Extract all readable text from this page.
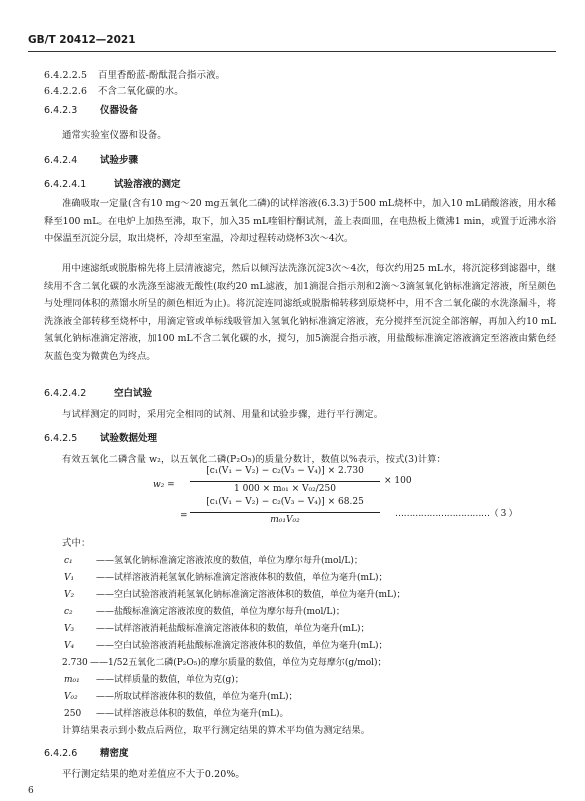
GB/T 20412—2021
6.4.2.2.5 百里香酚蓝-酚酞混合指示液。
6.4.2.2.6 不含二氧化碳的水。
6.4.2.3 仪器设备
通常实验室仪器和设备。
6.4.2.4 试验步骤
6.4.2.4.1	试验溶液的测定
准确吸取一定量(含有10 mg～20 mg五氧化二磷)的试样溶液(6.3.3)于500 mL烧杯中，加入10 mL硝酸溶液，用水稀释至100 mL。在电炉上加热至沸，取下，加入35 mL喹钼柠酮试剂，盖上表面皿，在电热板上微沸1 min，或置于近沸水浴中保温至沉淀分层，取出烧杯，冷却至室温，冷却过程转动烧杯3次～4次。
用中速滤纸或脱脂棉先将上层清液滤完，然后以倾泻法洗涤沉淀3次～4次，每次约用25 mL水，将沉淀移到滤器中，继续用不含二氧化碳的水洗涤至滤液无酸性(取约20 mL滤液，加1滴混合指示剂和2滴～3滴氢氧化钠标准滴定溶液，所呈颜色与处理同体积的蒸馏水所呈的颜色相近为止)。将沉淀连同滤纸或脱脂棉转移到原烧杯中，用不含二氧化碳的水洗涤漏斗，将洗涤液全部转移至烧杯中，用滴定管或单标线吸管加入氢氧化钠标准滴定溶液，充分搅拌至沉淀全部溶解，再加入约10 mL氢氧化钠标准滴定溶液，加100 mL不含二氧化碳的水，搅匀，加5滴混合指示液，用盐酸标准滴定溶液滴定至溶液由紫色经灰蓝色变为微黄色为终点。
6.4.2.4.2	空白试验
与试样测定的同时，采用完全相同的试剂、用量和试验步骤，进行平行测定。
6.4.2.5 试验数据处理
有效五氧化二磷含量 w₂，以五氧化二磷(P₂O₅)的质量分数计，数值以%表示，按式(3)计算：
w₂ =
[c₁(V₁ − V₂) − c₂(V₃ − V₄)] × 2.730
1 000 × m₀₁ × V₀₂/250
× 100
=
[c₁(V₁ − V₂) − c₂(V₃ − V₄)] × 68.25
m₀₁V₀₂
……………………………（ 3 ）
式中：
c₁	——氢氧化钠标准滴定溶液浓度的数值，单位为摩尔每升(mol/L)；
V₁ ——试样溶液消耗氢氧化钠标准滴定溶液体积的数值，单位为毫升(mL)；
V₂ ——空白试验溶液消耗氢氧化钠标准滴定溶液体积的数值，单位为毫升(mL)；
c₂	——盐酸标准滴定溶液浓度的数值，单位为摩尔每升(mol/L)；
V₃ ——试样溶液消耗盐酸标准滴定溶液体积的数值，单位为毫升(mL)；
V₄ ——空白试验溶液消耗盐酸标准滴定溶液体积的数值，单位为毫升(mL)；
2.730 ——1/52五氧化二磷(P₂O₅)的摩尔质量的数值，单位为克每摩尔(g/mol)；
m₀₁ ——试样质量的数值，单位为克(g)；
V₀₂ ——所取试样溶液体积的数值，单位为毫升(mL)；
250 ——试样溶液总体积的数值，单位为毫升(mL)。
计算结果表示到小数点后两位，取平行测定结果的算术平均值为测定结果。
6.4.2.6 精密度
平行测定结果的绝对差值应不大于0.20%。
6
